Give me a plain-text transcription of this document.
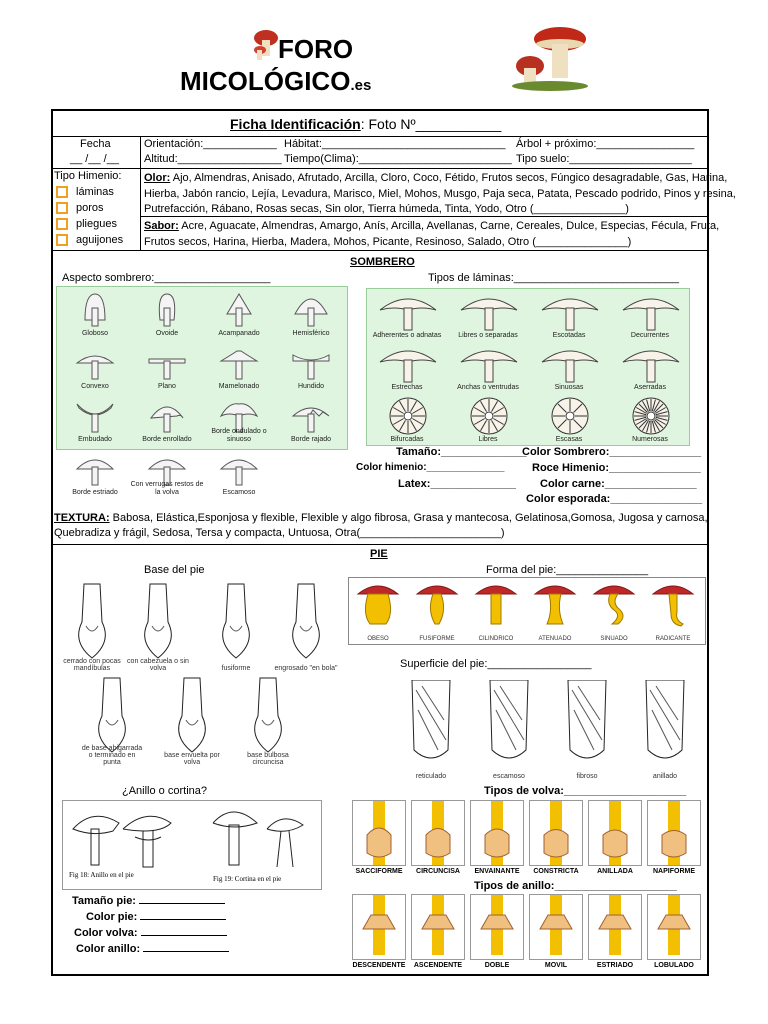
FORO
MICOLÓGICO.es
Ficha Identificación: Foto Nº___________
Fecha
__ /__ /__
Orientación:____________ Hábitat:______________________________ Árbol + próximo:________________
Altitud:_________________ Tiempo(Clima):_________________________ Tipo suelo:____________________
Tipo Himenio:
láminas
poros
pliegues
aguijones
Olor: Ajo, Almendras, Anisado, Afrutado, Arcilla, Cloro, Coco, Fétido, Frutos secos, Fúngico desagradable, Gas, Harina,
Hierba, Jabón rancio, Lejía, Levadura, Marisco, Miel, Mohos, Musgo, Paja seca, Patata, Pescado podrido, Pinos y resina,
Putrefacción, Rábano, Rosas secas, Sin olor, Tierra húmeda, Tinta, Yodo, Otro (_______________)
Sabor: Acre, Aguacate, Almendras, Amargo, Anís, Arcilla, Avellanas, Carne, Cereales, Dulce, Especias, Fécula, Fruta,
Frutos secos, Harina, Hierba, Madera, Mohos, Picante, Resinoso, Salado, Otro (_______________)
SOMBRERO
Aspecto sombrero:___________________	Tipos de láminas:___________________________
Globoso	Ovoide	Acampanado	Hemisférico
Convexo	Plano	Mamelonado	Hundido
Embudado	Borde enrollado
Borde ondulado o sinuoso	Borde rajado
Borde estriado
Con verrugas restos de la volva	Escamoso
Adherentes o adnatas	Libres o separadas	Escotadas	Decurrentes
Estrechas	Anchas o ventrudas	Sinuosas	Aserradas
Bifurcadas	Libres	Escasas	Numerosas
Tamaño:______________
Color himenio:______________
Latex:______________
Color Sombrero:_______________
Roce Himenio:_______________
Color carne:_______________
Color esporada:_______________
TEXTURA: Babosa, Elástica,Esponjosa y flexible, Flexible y algo fibrosa, Grasa y mantecosa, Gelatinosa,Gomosa, Jugosa y carnosa,
Quebradiza y frágil, Sedosa, Tersa y compacta, Untuosa, Otra(_______________________)
PIE
Base del pie	Forma del pie:_______________
cerrado con pocas mandíbulas
con cabezuela o sin volva	fusiforme	engrosado "en bola"
de base abigarrada o terminado en punta
base envuelta por volva
base bulbosa circuncisa
OBESO	FUSIFORME	CILINDRICO	ATENUADO	SINUADO	RADICANTE
Superficie del pie:_________________
reticulado	escamoso	fibroso	anillado
¿Anillo o cortina?
Fig 18: Anillo en el pie	Fig 19: Cortina en el pie
Tipos de volva:____________________
SACCIFORME	CIRCUNCISA	ENVAINANTE	CONSTRICTA	ANILLADA	NAPIFORME
Tipos de anillo:____________________
DESCENDENTE	ASCENDENTE	DOBLE	MOVIL	ESTRIADO	LOBULADO
Tamaño pie:
Color pie:
Color volva:
Color anillo:
